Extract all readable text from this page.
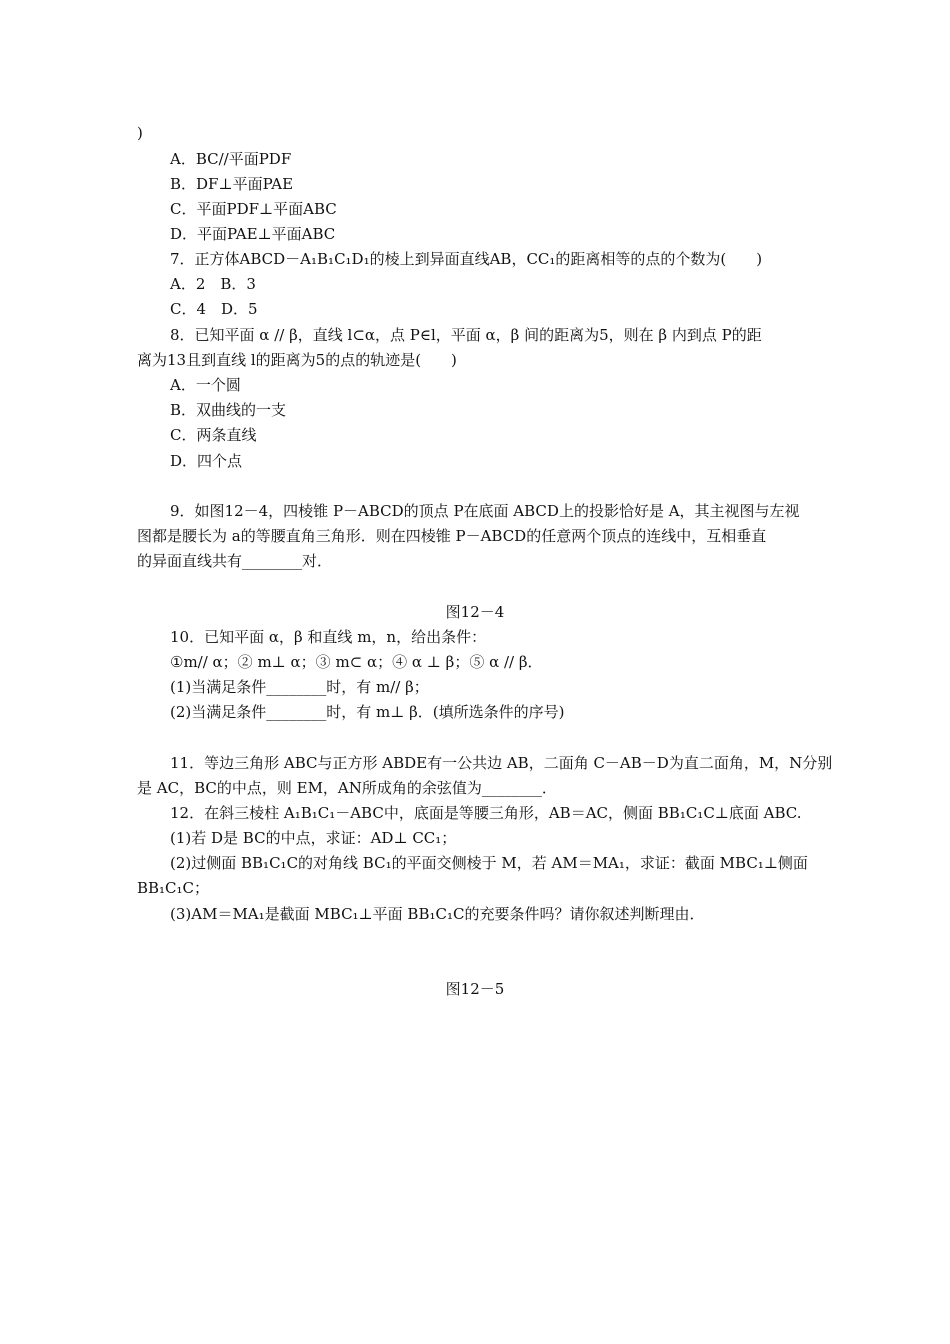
)
A．BC//平面PDF
B．DF⊥平面PAE
C．平面PDF⊥平面ABC
D．平面PAE⊥平面ABC
7．正方体ABCD－A₁B₁C₁D₁的棱上到异面直线AB，CC₁的距离相等的点的个数为(　　)
A．2　B．3
C．4　D．5
8．已知平面 α // β，直线 l⊂α，点 P∈l，平面 α，β 间的距离为5，则在 β 内到点 P的距
离为13且到直线 l的距离为5的点的轨迹是(　　)
A．一个圆
B．双曲线的一支
C．两条直线
D．四个点
9．如图12－4，四棱锥 P－ABCD的顶点 P在底面 ABCD上的投影恰好是 A，其主视图与左视
图都是腰长为 a的等腰直角三角形．则在四棱锥 P－ABCD的任意两个顶点的连线中，互相垂直
的异面直线共有________对．
图12－4
10．已知平面 α，β 和直线 m，n，给出条件：
①m// α；② m⊥ α；③ m⊂ α；④ α ⊥ β；⑤ α // β．
(1)当满足条件________时，有 m// β；
(2)当满足条件________时，有 m⊥ β．(填所选条件的序号)
11．等边三角形 ABC与正方形 ABDE有一公共边 AB，二面角 C－AB－D为直二面角，M，N分别
是 AC，BC的中点，则 EM，AN所成角的余弦值为________．
12．在斜三棱柱 A₁B₁C₁－ABC中，底面是等腰三角形，AB＝AC，侧面 BB₁C₁C⊥底面 ABC.
(1)若 D是 BC的中点，求证：AD⊥ CC₁；
(2)过侧面 BB₁C₁C的对角线 BC₁的平面交侧棱于 M，若 AM＝MA₁，求证：截面 MBC₁⊥侧面
BB₁C₁C；
(3)AM＝MA₁是截面 MBC₁⊥平面 BB₁C₁C的充要条件吗？请你叙述判断理由．
图12－5
